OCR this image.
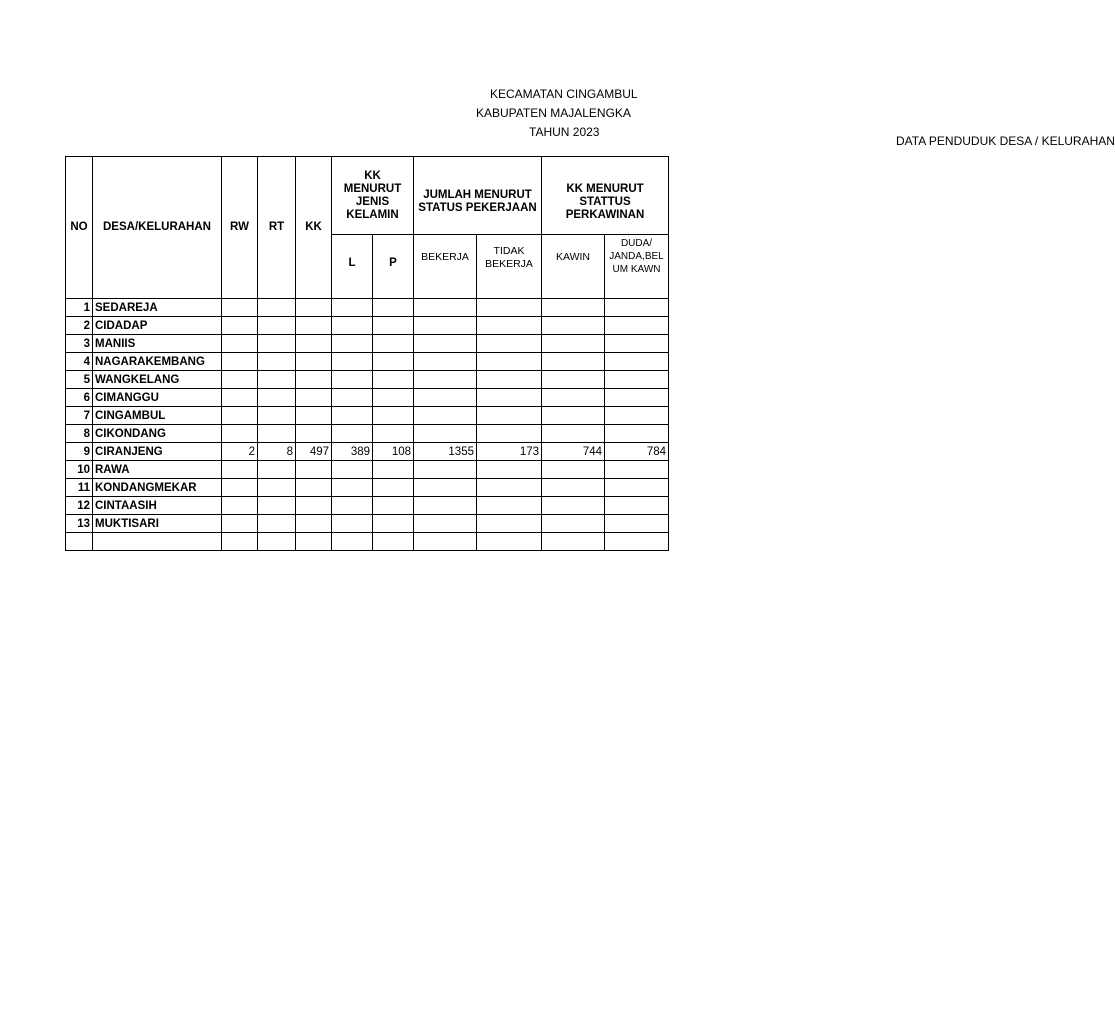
DATA PENDUDUK DESA / KELURAHAN
KECAMATAN CINGAMBUL
KABUPATEN MAJALENGKA
TAHUN 2023
NO	DESA/KELURAHAN	RW	RT	KK	KK MENURUT JENIS KELAMIN		JUMLAH MENURUT STATUS PEKERJAAN		KK MENURUT STATTUS PERKAWINAN	
					L	P	BEKERJA	TIDAK BEKERJA	KAWIN	DUDA/ JANDA,BEL UM KAWN
1	SEDAREJA									
2	CIDADAP									
3	MANIIS									
4	NAGARAKEMBANG									
5	WANGKELANG									
6	CIMANGGU									
7	CINGAMBUL									
8	CIKONDANG									
9	CIRANJENG	2	8	497	389	108	1355	173	744	784
10	RAWA									
11	KONDANGMEKAR									
12	CINTAASIH									
13	MUKTISARI									
